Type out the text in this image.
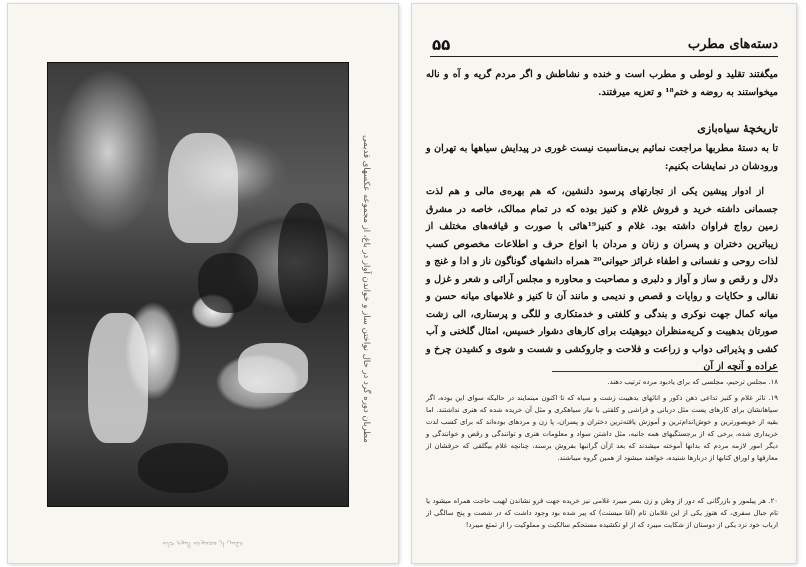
مطربان دوره گرد در حال نواختن ساز و خواندن آواز در باغ، از مجموعه عکسهای قدیمی
عکس از مجموعه آلبوم خانه
دسته‌های مطرب
۵۵
میگفتند تقلید و لوطی و مطرب است و خنده و نشاطش و اگر مردم گریه و آه و ناله میخواستند به روضه و ختم¹⁸ و تعزیه میرفتند.
تاریخچهٔ سیاه‌بازی
تا به دستهٔ مطربها مراجعت نمائیم بی‌مناسبت نیست غوری در پیدایش سیاهها به تهران و ورودشان در نمایشات بکنیم:
از ادوار پیشین یکی از تجارتهای پرسود دلنشین، که هم بهره‌ی مالی و هم لذت جسمانی داشته خرید و فروش غلام و کنیز بوده که در تمام ممالک، خاصه در مشرق زمین رواج فراوان داشته بود. غلام و کنیز¹⁹هائی با صورت و قیافه‌های مختلف از زیباترین دختران و پسران و زنان و مردان با انواع حرف و اطلاعات مخصوص کسب لذات روحی و نفسانی و اطفاء غرائز حیوانی²⁰ همراه دانشهای گوناگون ناز و ادا و غنج و دلال و رقص و ساز و آواز و دلبری و مصاحبت و محاوره و مجلس آرائی و شعر و غزل و نقالی و حکایات و روایات و قصص و ندیمی و مانند آن تا کنیز و غلامهای میانه حسن و میانه کمال جهت نوکری و بندگی و کلفتی و خدمتکاری و للگی و پرستاری، الی زشت صورتان بدهیبت و کریه‌منظران دیوهیئت برای کارهای دشوار خسیس، امثال گلخنی و آب کشی و پذیرائی دواب و زراعت و فلاحت و جاروکشی و شست و شوی و کشیدن چرخ و عراده و آنچه از آن
۱۸. مجلس ترحیم، مجلسی که برای یادبود مرده ترتیب دهند.
۱۹. تاثر غلام و کنیز تداعی ذهن ذکور و اناثهای بدهیبت زشت و سیاه که تا اکنون مینمایند در حالیکه سوای این بوده، اگر سیاهانشان برای کارهای پست مثل دربانی و فراشی و کلفتی با نیاز سیاهکری و مثل آن خریده شده که هنری نداشتند. اما بقیه از خوبصورترین و خوش‌اندام‌ترین و آموزش یافته‌ترین دختران و پسران، پا زن و مردهای بوده‌اند که برای کسب لذت خریداری شده، برخی که از برجستگیهای همه جانبه، مثل داشتن سواد و معلومات هنری و توانندگی و رقص و خوانندگی و دیگر امور لازمه مردم که بدانها آموخته میشدند که بعد ازآن گرانبها بفروش برسند، چنانچه غلام بیگلقی که حرفشان از معارفها و اوراق کتابها از دربارها شنیده، خواهند میشود از همین گروه میباشند.
۲۰. هر پیلمور و بازرگانی که دور از وطن و زن بسر میبرد غلامی نیز خریده جهت فرو نشاندن لهیب حاجت همراه میشود یا تام جبال سفری، که هنوز یکی از این غلامان تام (آغا میسنت) که پیر شده بود وجود داشت که در شصت و پنج سالگی از ارباب خود نزد یکی از دوستان از شکایت میبرد که از او نکشیده مستحکم سالکیت و مملوکیت را از تمتع میبرد!
